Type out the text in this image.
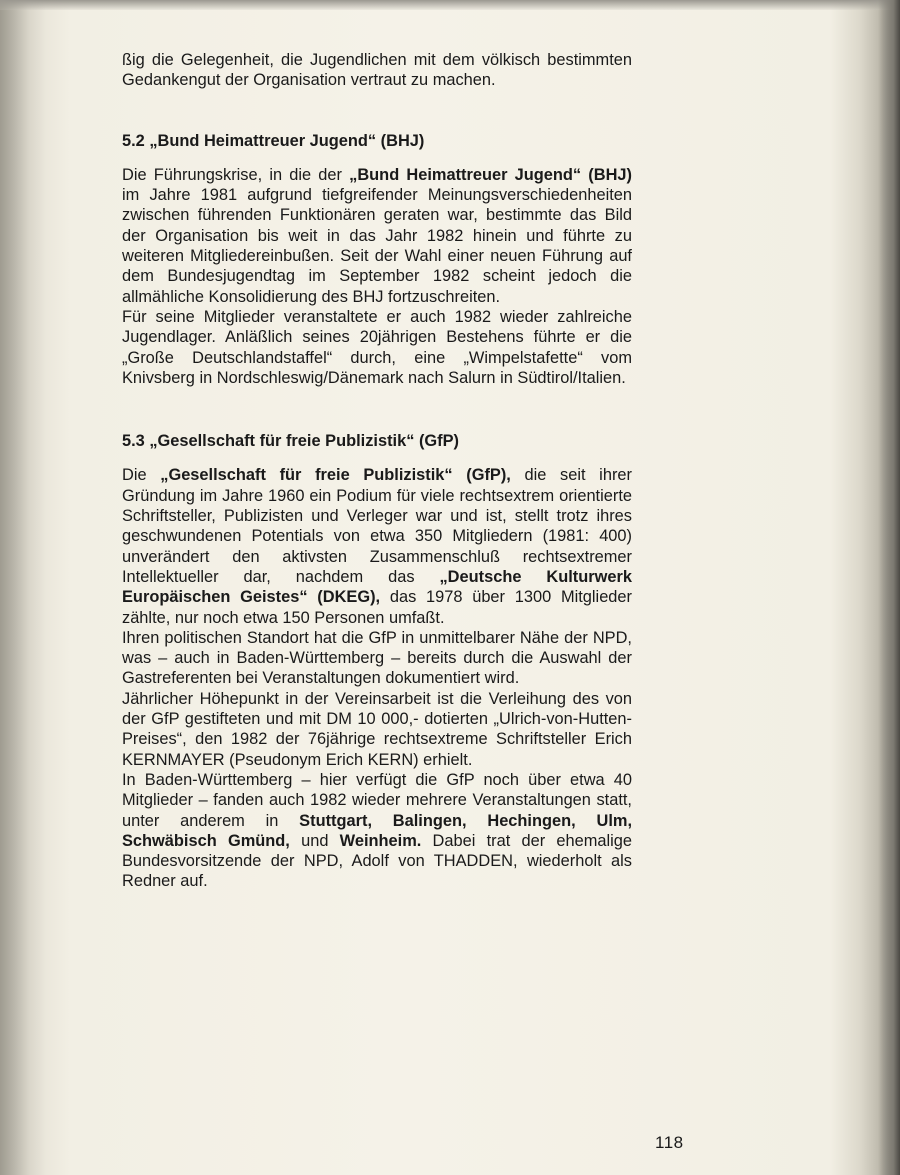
ßig die Gelegenheit, die Jugendlichen mit dem völkisch bestimmten Gedankengut der Organisation vertraut zu machen.

5.2 „Bund Heimattreuer Jugend“ (BHJ)

Die Führungskrise, in die der „Bund Heimattreuer Jugend“ (BHJ) im Jahre 1981 aufgrund tiefgreifender Meinungsverschiedenheiten zwischen führenden Funktionären geraten war, bestimmte das Bild der Organisation bis weit in das Jahr 1982 hinein und führte zu weiteren Mitgliedereinbußen. Seit der Wahl einer neuen Führung auf dem Bundesjugendtag im September 1982 scheint jedoch die allmähliche Konsolidierung des BHJ fortzuschreiten.

Für seine Mitglieder veranstaltete er auch 1982 wieder zahlreiche Jugendlager. Anläßlich seines 20jährigen Bestehens führte er die „Große Deutschlandstaffel“ durch, eine „Wimpelstafette“ vom Knivsberg in Nordschleswig/Dänemark nach Salurn in Südtirol/Italien.

5.3 „Gesellschaft für freie Publizistik“ (GfP)

Die „Gesellschaft für freie Publizistik“ (GfP), die seit ihrer Gründung im Jahre 1960 ein Podium für viele rechtsextrem orientierte Schriftsteller, Publizisten und Verleger war und ist, stellt trotz ihres geschwundenen Potentials von etwa 350 Mitgliedern (1981: 400) unverändert den aktivsten Zusammenschluß rechtsextremer Intellektueller dar, nachdem das „Deutsche Kulturwerk Europäischen Geistes“ (DKEG), das 1978 über 1300 Mitglieder zählte, nur noch etwa 150 Personen umfaßt.

Ihren politischen Standort hat die GfP in unmittelbarer Nähe der NPD, was – auch in Baden-Württemberg – bereits durch die Auswahl der Gastreferenten bei Veranstaltungen dokumentiert wird.

Jährlicher Höhepunkt in der Vereinsarbeit ist die Verleihung des von der GfP gestifteten und mit DM 10 000,- dotierten „Ulrich-von-Hutten-Preises“, den 1982 der 76jährige rechtsextreme Schriftsteller Erich KERNMAYER (Pseudonym Erich KERN) erhielt.

In Baden-Württemberg – hier verfügt die GfP noch über etwa 40 Mitglieder – fanden auch 1982 wieder mehrere Veranstaltungen statt, unter anderem in Stuttgart, Balingen, Hechingen, Ulm, Schwäbisch Gmünd, und Weinheim. Dabei trat der ehemalige Bundesvorsitzende der NPD, Adolf von THADDEN, wiederholt als Redner auf.

118
